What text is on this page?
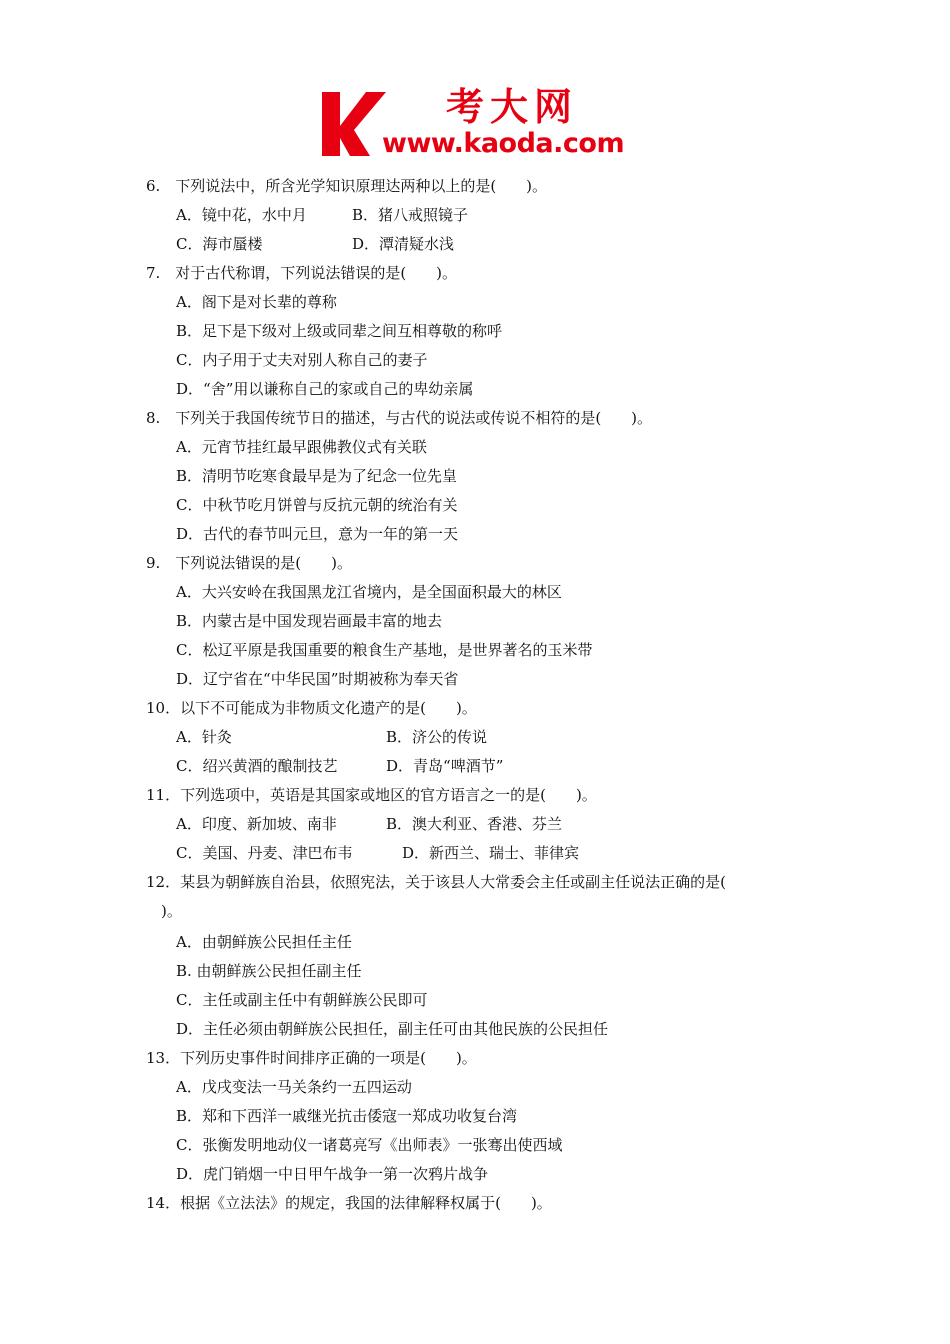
考大网
www.kaoda.com
6.　下列说法中，所含光学知识原理达两种以上的是(　　)。
A．镜中花，水中月	B．猪八戒照镜子
C．海市蜃楼	D．潭清疑水浅
7.　对于古代称谓，下列说法错误的是(　　)。
A．阁下是对长辈的尊称
B．足下是下级对上级或同辈之间互相尊敬的称呼
C．内子用于丈夫对别人称自己的妻子
D．“舍”用以谦称自己的家或自己的卑幼亲属
8.　下列关于我国传统节日的描述，与古代的说法或传说不相符的是(　　)。
A．元宵节挂红最早跟佛教仪式有关联
B．清明节吃寒食最早是为了纪念一位先皇
C．中秋节吃月饼曾与反抗元朝的统治有关
D．古代的春节叫元旦，意为一年的第一天
9.　下列说法错误的是(　　)。
A．大兴安岭在我国黑龙江省境内，是全国面积最大的林区
B．内蒙古是中国发现岩画最丰富的地去
C．松辽平原是我国重要的粮食生产基地，是世界著名的玉米带
D．辽宁省在“中华民国”时期被称为奉天省
10．以下不可能成为非物质文化遗产的是(　　)。
A．针灸	B．济公的传说
C．绍兴黄酒的酿制技艺	D．青岛“啤酒节”
11．下列选项中，英语是其国家或地区的官方语言之一的是(　　)。
A．印度、新加坡、南非	B．澳大利亚、香港、芬兰
C．美国、丹麦、津巴布韦	D．新西兰、瑞士、菲律宾
12．某县为朝鲜族自治县，依照宪法，关于该县人大常委会主任或副主任说法正确的是(
　)。
A．由朝鲜族公民担任主任
B. 由朝鲜族公民担任副主任
C．主任或副主任中有朝鲜族公民即可
D．主任必须由朝鲜族公民担任，副主任可由其他民族的公民担任
13．下列历史事件时间排序正确的一项是(　　)。
A．戊戌变法一马关条约一五四运动
B．郑和下西洋一戚继光抗击倭寇一郑成功收复台湾
C．张衡发明地动仪一诸葛亮写《出师表》一张骞出使西域
D．虎门销烟一中日甲午战争一第一次鸦片战争
14．根据《立法法》的规定，我国的法律解释权属于(　　)。
